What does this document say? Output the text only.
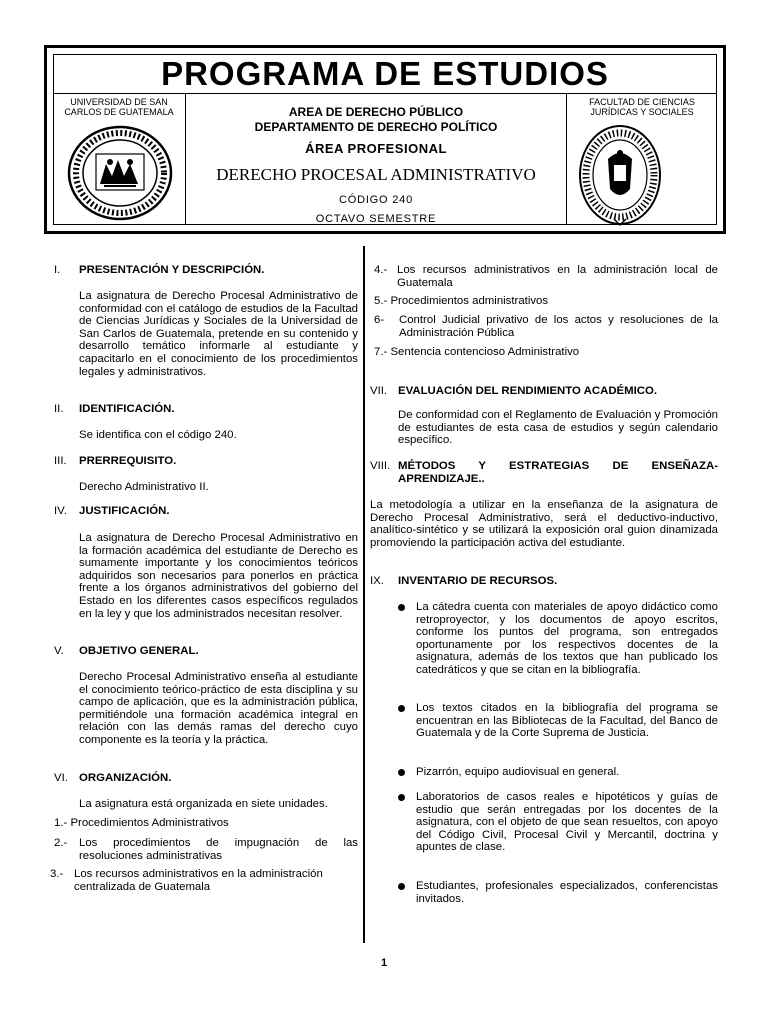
PROGRAMA DE ESTUDIOS
UNIVERSIDAD DE SAN CARLOS DE GUATEMALA
FACULTAD DE CIENCIAS JURÍDICAS Y SOCIALES
AREA DE DERECHO PÚBLICO
DEPARTAMENTO DE DERECHO POLÍTICO
ÁREA PROFESIONAL
DERECHO PROCESAL ADMINISTRATIVO
CÓDIGO 240
OCTAVO SEMESTRE
I. PRESENTACIÓN Y DESCRIPCIÓN.
La asignatura de Derecho Procesal Administrativo de conformidad con el catálogo de estudios de la Facultad de Ciencias Jurídicas y Sociales de la Universidad de San Carlos de Guatemala, pretende en su contenido y desarrollo temático informarle al estudiante y capacitarlo en el conocimiento de los procedimientos legales y administrativos.
II. IDENTIFICACIÓN.
Se identifica con el código 240.
III. PRERREQUISITO.
Derecho Administrativo II.
IV. JUSTIFICACIÓN.
La asignatura de Derecho Procesal Administrativo en la formación académica del estudiante de Derecho es sumamente importante y los conocimientos teóricos adquiridos son necesarios para ponerlos en práctica frente a los órganos administrativos del gobierno del Estado en los diferentes casos específicos regulados en la ley y que los administrados necesitan resolver.
V. OBJETIVO GENERAL.
Derecho Procesal Administrativo enseña al estudiante el conocimiento teórico-práctico de esta disciplina y su campo de aplicación, que es la administración pública, permitiéndole una formación académica integral en relación con las demás ramas del derecho cuyo componente es la teoría y la práctica.
VI. ORGANIZACIÓN.
La asignatura está organizada en siete unidades.
1.- Procedimientos Administrativos
2.- Los procedimientos de impugnación de las resoluciones administrativas
3.- Los recursos administrativos en la administración centralizada de Guatemala
4.- Los recursos administrativos en la administración local de Guatemala
5.- Procedimientos administrativos
6- Control Judicial privativo de los actos y resoluciones de la Administración Pública
7.- Sentencia contencioso Administrativo
VII. EVALUACIÓN DEL RENDIMIENTO ACADÉMICO.
De conformidad con el Reglamento de Evaluación y Promoción de estudiantes de esta casa de estudios y según calendario específico.
VIII. MÉTODOS Y ESTRATEGIAS DE ENSEÑAZA-APRENDIZAJE..
La metodología a utilizar en la enseñanza de la asignatura de Derecho Procesal Administrativo, será el deductivo-inductivo, analítico-sintético y se utilizará la exposición oral guion dinamizada promoviendo la participación activa del estudiante.
IX. INVENTARIO DE RECURSOS.
La cátedra cuenta con materiales de apoyo didáctico como retroproyector, y los documentos de apoyo escritos, conforme los puntos del programa, son entregados oportunamente por los respectivos docentes de la asignatura, además de los textos que han publicado los catedráticos y que se citan en la bibliografía.
Los textos citados en la bibliografía del programa se encuentran en las Bibliotecas de la Facultad, del Banco de Guatemala y de la Corte Suprema de Justicia.
Pizarrón, equipo audiovisual en general.
Laboratorios de casos reales e hipotéticos y guías de estudio que serán entregadas por los docentes de la asignatura, con el objeto de que sean resueltos, con apoyo del Código Civil, Procesal Civil y Mercantil, doctrina y apuntes de clase.
Estudiantes, profesionales especializados, conferencistas invitados.
1
